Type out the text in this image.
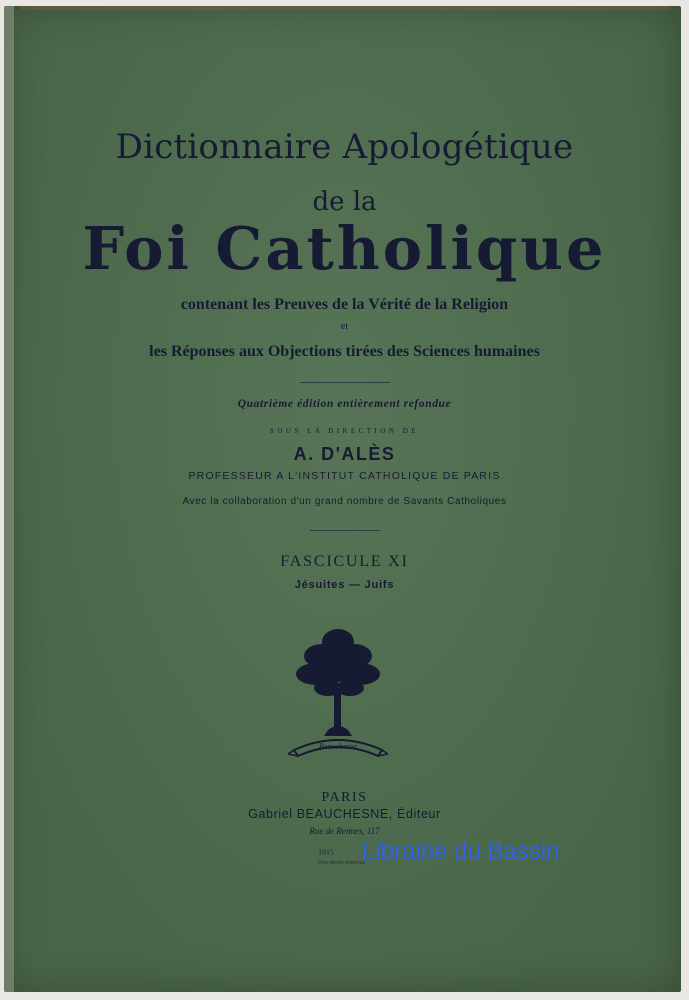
Dictionnaire Apologétique
de la
Foi Catholique
contenant les Preuves de la Vérité de la Religion
et
les Réponses aux Objections tirées des Sciences humaines
Quatrième édition entièrement refondue
SOUS LA DIRECTION DE
A. D'ALÈS
PROFESSEUR A L'INSTITUT CATHOLIQUE DE PARIS
Avec la collaboration d'un grand nombre de Savants Catholiques
FASCICULE XI
Jésuites — Juifs
Beauchesne
PARIS
Gabriel BEAUCHESNE, Éditeur
Rue de Rennes, 117
1915
Tous droits réservés
Librairie du Bassin
